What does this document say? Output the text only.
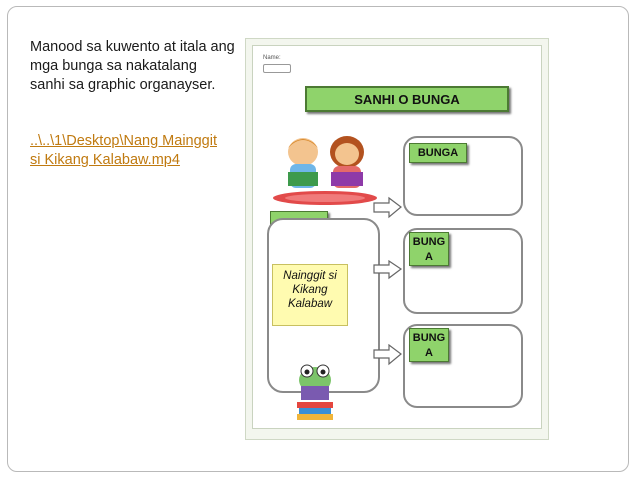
Manood sa kuwento at itala ang mga bunga sa nakatalang sanhi sa graphic organayser.
..\..\1\Desktop\Nang Mainggit si Kikang Kalabaw.mp4
Name:
SANHI O BUNGA
Nainggit si Kikang Kalabaw
BUNGA
BUNG A
BUNG A
